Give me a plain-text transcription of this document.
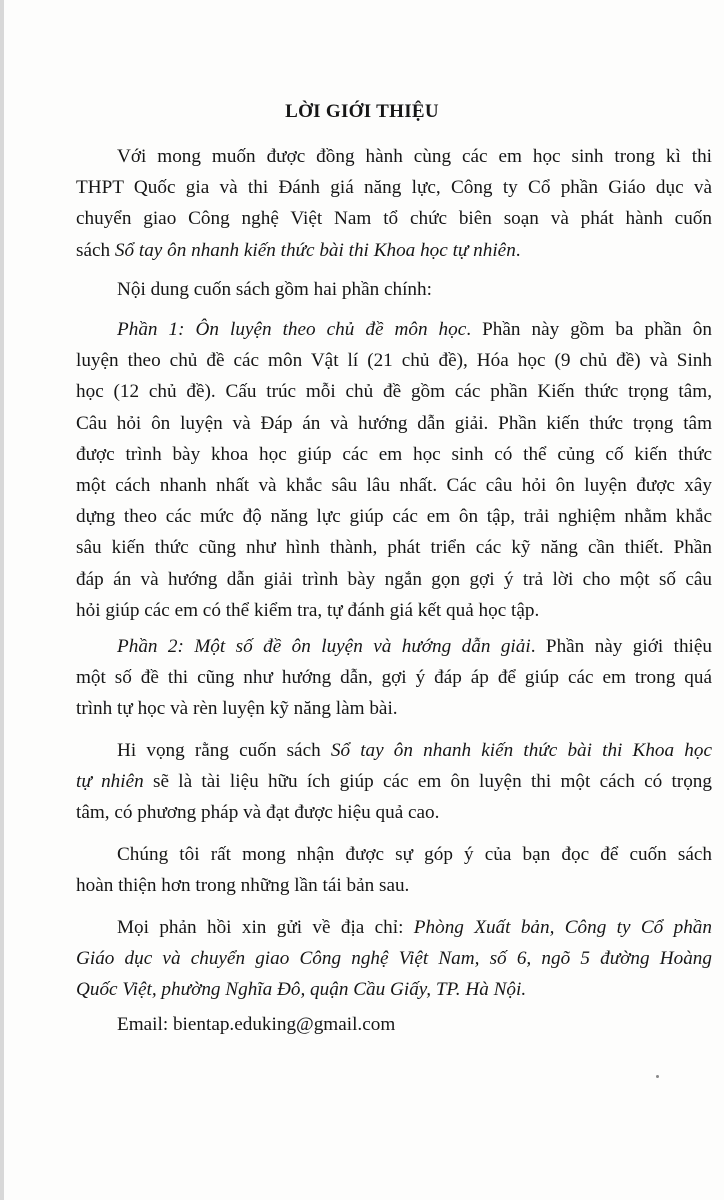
LỜI GIỚI THIỆU
Với mong muốn được đồng hành cùng các em học sinh trong kì thi
THPT Quốc gia và thi Đánh giá năng lực, Công ty Cổ phần Giáo dục và
chuyển giao Công nghệ Việt Nam tổ chức biên soạn và phát hành cuốn
sách Sổ tay ôn nhanh kiến thức bài thi Khoa học tự nhiên.
Nội dung cuốn sách gồm hai phần chính:
Phần 1: Ôn luyện theo chủ đề môn học. Phần này gồm ba phần ôn
luyện theo chủ đề các môn Vật lí (21 chủ đề), Hóa học (9 chủ đề) và Sinh
học (12 chủ đề). Cấu trúc mỗi chủ đề gồm các phần Kiến thức trọng tâm,
Câu hỏi ôn luyện và Đáp án và hướng dẫn giải. Phần kiến thức trọng tâm
được trình bày khoa học giúp các em học sinh có thể củng cố kiến thức
một cách nhanh nhất và khắc sâu lâu nhất. Các câu hỏi ôn luyện được xây
dựng theo các mức độ năng lực giúp các em ôn tập, trải nghiệm nhằm khắc
sâu kiến thức cũng như hình thành, phát triển các kỹ năng cần thiết. Phần
đáp án và hướng dẫn giải trình bày ngắn gọn gợi ý trả lời cho một số câu
hỏi giúp các em có thể kiểm tra, tự đánh giá kết quả học tập.
Phần 2: Một số đề ôn luyện và hướng dẫn giải. Phần này giới thiệu
một số đề thi cũng như hướng dẫn, gợi ý đáp áp để giúp các em trong quá
trình tự học và rèn luyện kỹ năng làm bài.
Hi vọng rằng cuốn sách Sổ tay ôn nhanh kiến thức bài thi Khoa học
tự nhiên sẽ là tài liệu hữu ích giúp các em ôn luyện thi một cách có trọng
tâm, có phương pháp và đạt được hiệu quả cao.
Chúng tôi rất mong nhận được sự góp ý của bạn đọc để cuốn sách
hoàn thiện hơn trong những lần tái bản sau.
Mọi phản hồi xin gửi về địa chỉ: Phòng Xuất bản, Công ty Cổ phần
Giáo dục và chuyển giao Công nghệ Việt Nam, số 6, ngõ 5 đường Hoàng
Quốc Việt, phường Nghĩa Đô, quận Cầu Giấy, TP. Hà Nội.
Email: bientap.eduking@gmail.com
